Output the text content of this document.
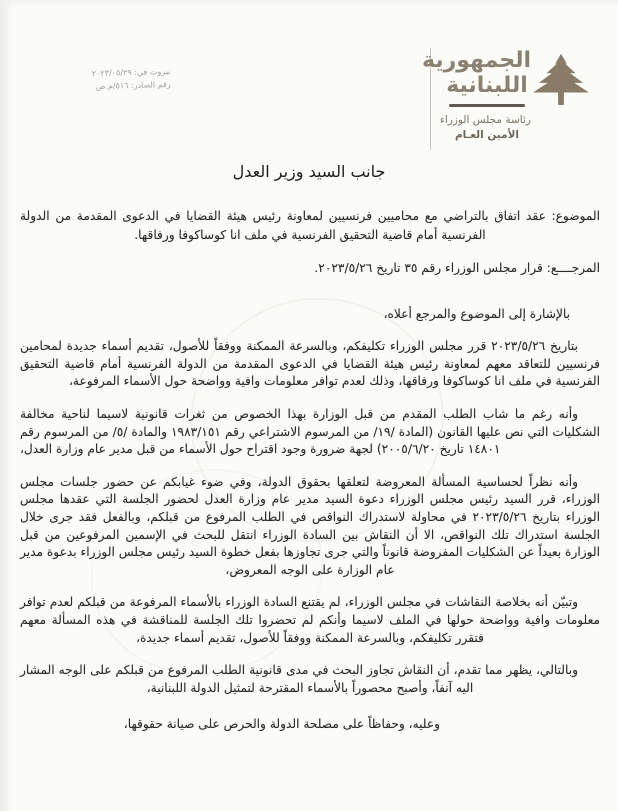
بيروت في: ٢٠٢٣/٠٥/٢٩
رقم الصادر: ٥١٦/م.ص
الجمهورية
اللبنانية
رئاسة مجلس الوزراء
الأمين العـام
جانب السيد وزير العدل

الموضوع: عقد اتفاق بالتراضي مع محاميين فرنسيين لمعاونة رئيس هيئة القضايا في الدعوى المقدمة من الدولة الفرنسية أمام قاضية التحقيق الفرنسية في ملف انا كوساكوفا ورفاقها.

المرجــــع: قرار مجلس الوزراء رقم ٣٥ تاريخ ٢٠٢٣/٥/٢٦.

بالإشارة إلى الموضوع والمرجع أعلاه،

بتاريخ ٢٠٢٣/٥/٢٦ قرر مجلس الوزراء تكليفكم، وبالسرعة الممكنة ووفقاً للأصول، تقديم أسماء جديدة لمحامين فرنسيين للتعاقد معهم لمعاونة رئيس هيئة القضايا في الدعوى المقدمة من الدولة الفرنسية أمام قاضية التحقيق الفرنسية في ملف انا كوساكوفا ورفاقها، وذلك لعدم توافر معلومات وافية وواضحة حول الأسماء المرفوعة،

وأنه رغم ما شاب الطلب المقدم من قبل الوزارة بهذا الخصوص من ثغرات قانونية لاسيما لناحية مخالفة الشكليات التي نص عليها القانون (المادة /١٩/ من المرسوم الاشتراعي رقم ١٩٨٣/١٥١ والمادة /٥/ من المرسوم رقم ١٤٨٠١ تاريخ ٢٠٠٥/٦/٢٠) لجهة ضرورة وجود اقتراح حول الأسماء من قبل مدير عام وزارة العدل،

وأنه نظراً لحساسية المسألة المعروضة لتعلقها بحقوق الدولة، وفي ضوء غيابكم عن حضور جلسات مجلس الوزراء، قرر السيد رئيس مجلس الوزراء دعوة السيد مدير عام وزارة العدل لحضور الجلسة التي عقدها مجلس الوزراء بتاريخ ٢٠٢٣/٥/٢٦ في محاولة لاستدراك النواقص في الطلب المرفوع من قبلكم، وبالفعل فقد جرى خلال الجلسة استدراك تلك النواقص، الا أن النقاش بين السادة الوزراء انتقل للبحث في الإسمين المرفوعين من قبل الوزارة بعيداً عن الشكليات المفروضة قانوناً والتي جرى تجاوزها بفعل خطوة السيد رئيس مجلس الوزراء بدعوة مدير عام الوزارة على الوجه المعروض،

وتبيّن أنه بخلاصة النقاشات في مجلس الوزراء، لم يقتنع السادة الوزراء بالأسماء المرفوعة من قبلكم لعدم توافر معلومات وافية وواضحة حولها في الملف لاسيما وأنكم لم تحضروا تلك الجلسة للمناقشة في هذه المسألة معهم فتقرر تكليفكم، وبالسرعة الممكنة ووفقاً للأصول، تقديم أسماء جديدة،

وبالتالي، يظهر مما تقدم، أن النقاش تجاوز البحث في مدى قانونية الطلب المرفوع من قبلكم على الوجه المشار اليه آنفاً، وأصبح محصوراً بالأسماء المقترحة لتمثيل الدولة اللبنانية،

وعليه، وحفاظاً على مصلحة الدولة والحرص على صيانة حقوقها،
